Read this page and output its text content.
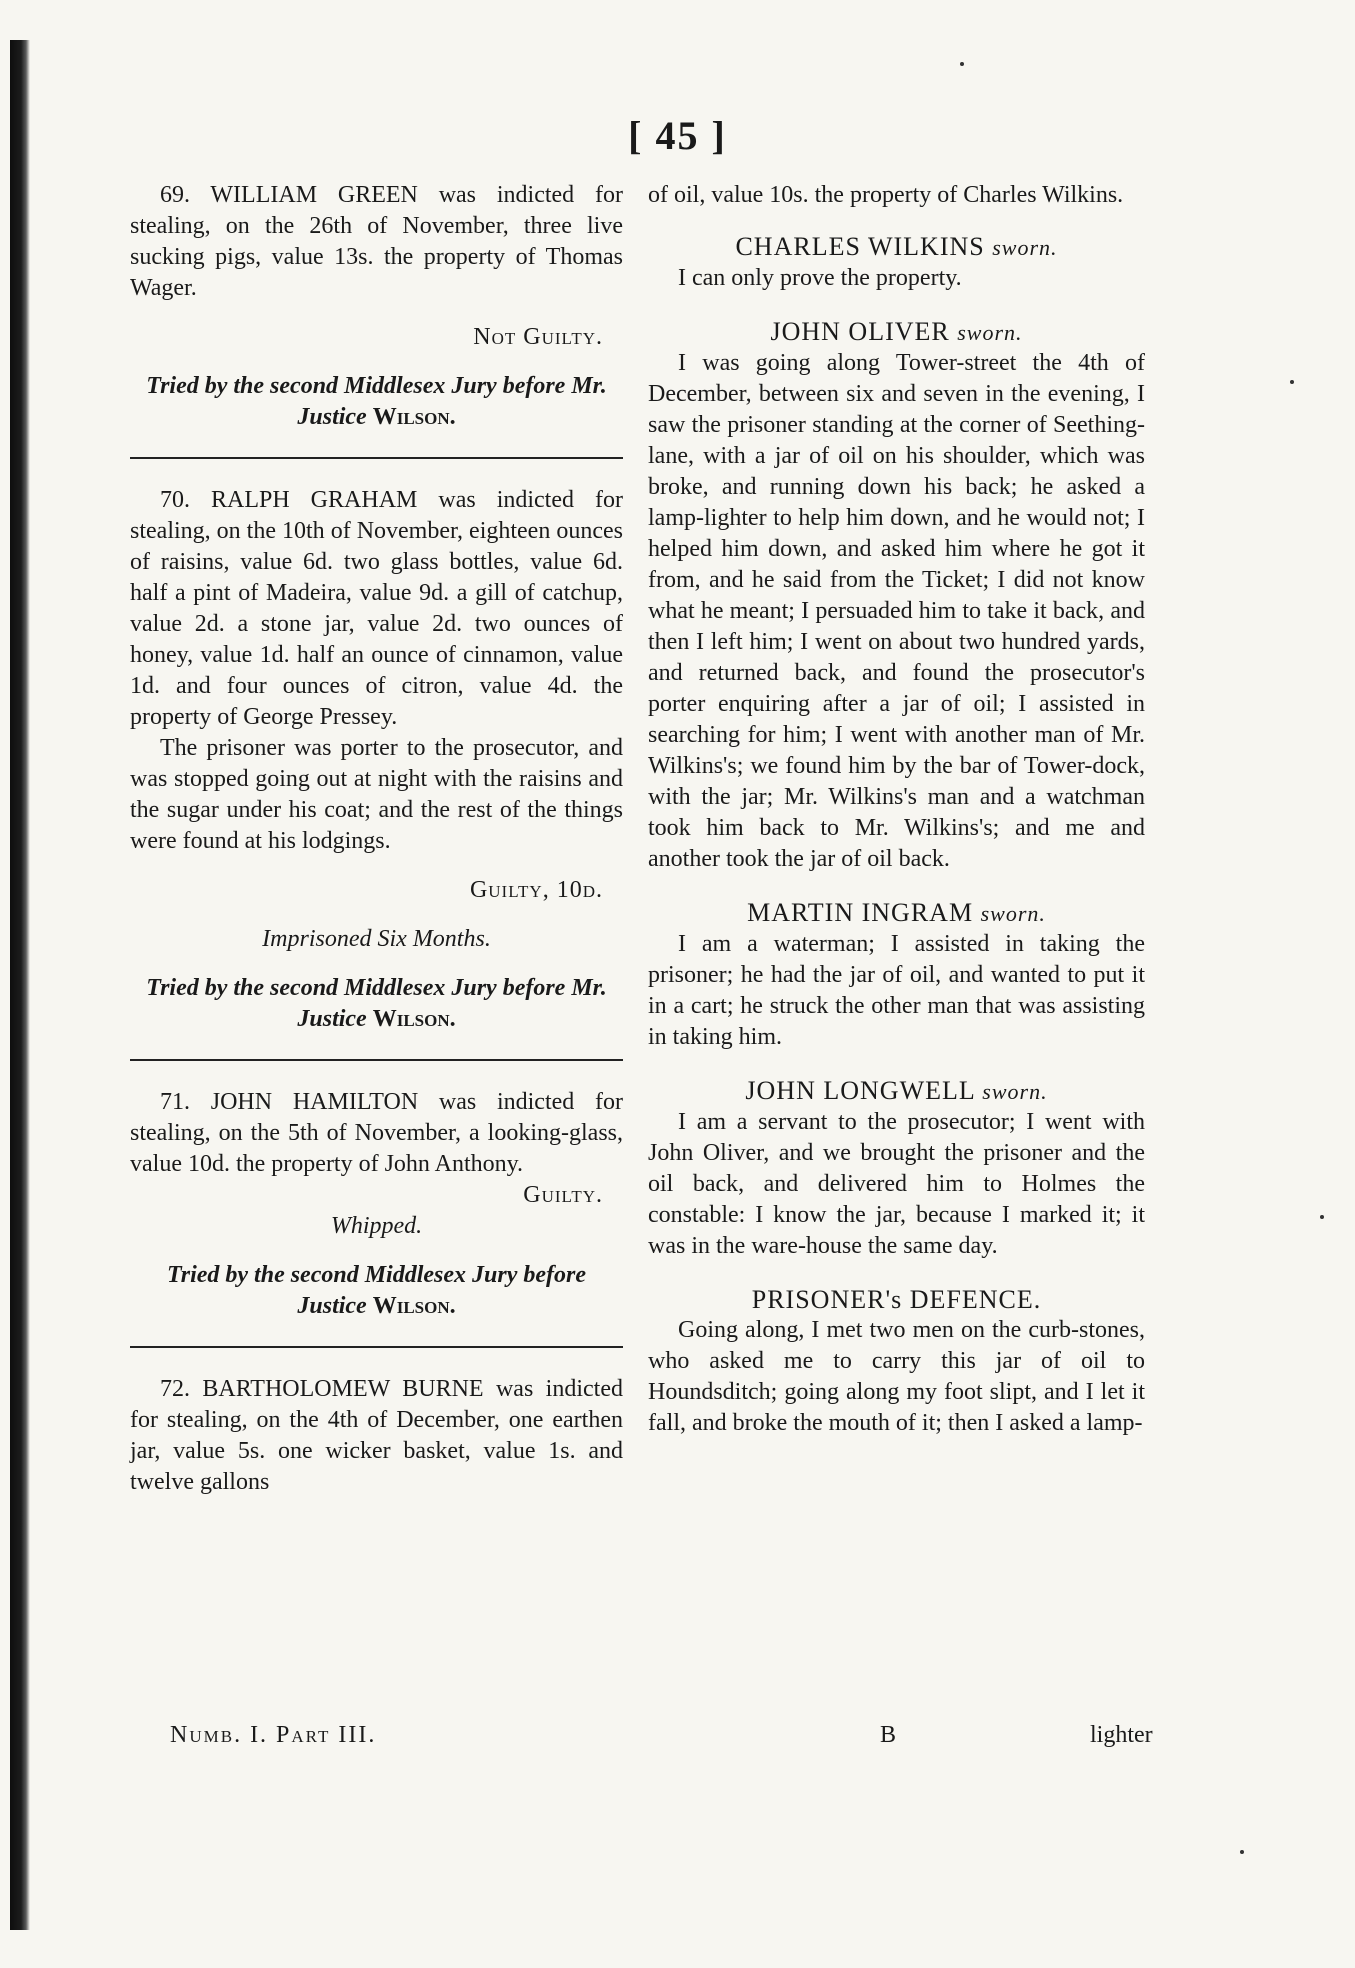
[ 45 ]

69. WILLIAM GREEN was indicted for stealing, on the 26th of November, three live sucking pigs, value 13s. the property of Thomas Wager.

Not Guilty.

Tried by the second Middlesex Jury before Mr. Justice Wilson.

70. RALPH GRAHAM was indicted for stealing, on the 10th of November, eighteen ounces of raisins, value 6d. two glass bottles, value 6d. half a pint of Madeira, value 9d. a gill of catchup, value 2d. a stone jar, value 2d. two ounces of honey, value 1d. half an ounce of cinnamon, value 1d. and four ounces of citron, value 4d. the property of George Pressey.

The prisoner was porter to the prosecutor, and was stopped going out at night with the raisins and the sugar under his coat; and the rest of the things were found at his lodgings.

Guilty, 10d.

Imprisoned Six Months.

Tried by the second Middlesex Jury before Mr. Justice Wilson.

71. JOHN HAMILTON was indicted for stealing, on the 5th of November, a looking-glass, value 10d. the property of John Anthony.

Guilty.

Whipped.

Tried by the second Middlesex Jury before Justice Wilson.

72. BARTHOLOMEW BURNE was indicted for stealing, on the 4th of December, one earthen jar, value 5s. one wicker basket, value 1s. and twelve gallons

of oil, value 10s. the property of Charles Wilkins.

CHARLES WILKINS sworn.

I can only prove the property.

JOHN OLIVER sworn.

I was going along Tower-street the 4th of December, between six and seven in the evening, I saw the prisoner standing at the corner of Seething-lane, with a jar of oil on his shoulder, which was broke, and running down his back; he asked a lamp-lighter to help him down, and he would not; I helped him down, and asked him where he got it from, and he said from the Ticket; I did not know what he meant; I persuaded him to take it back, and then I left him; I went on about two hundred yards, and returned back, and found the prosecutor's porter enquiring after a jar of oil; I assisted in searching for him; I went with another man of Mr. Wilkins's; we found him by the bar of Tower-dock, with the jar; Mr. Wilkins's man and a watchman took him back to Mr. Wilkins's; and me and another took the jar of oil back.

MARTIN INGRAM sworn.

I am a waterman; I assisted in taking the prisoner; he had the jar of oil, and wanted to put it in a cart; he struck the other man that was assisting in taking him.

JOHN LONGWELL sworn.

I am a servant to the prosecutor; I went with John Oliver, and we brought the prisoner and the oil back, and delivered him to Holmes the constable: I know the jar, because I marked it; it was in the ware-house the same day.

PRISONER's DEFENCE.

Going along, I met two men on the curb-stones, who asked me to carry this jar of oil to Houndsditch; going along my foot slipt, and I let it fall, and broke the mouth of it; then I asked a lamp-

Numb. I. Part III.	B	lighter
